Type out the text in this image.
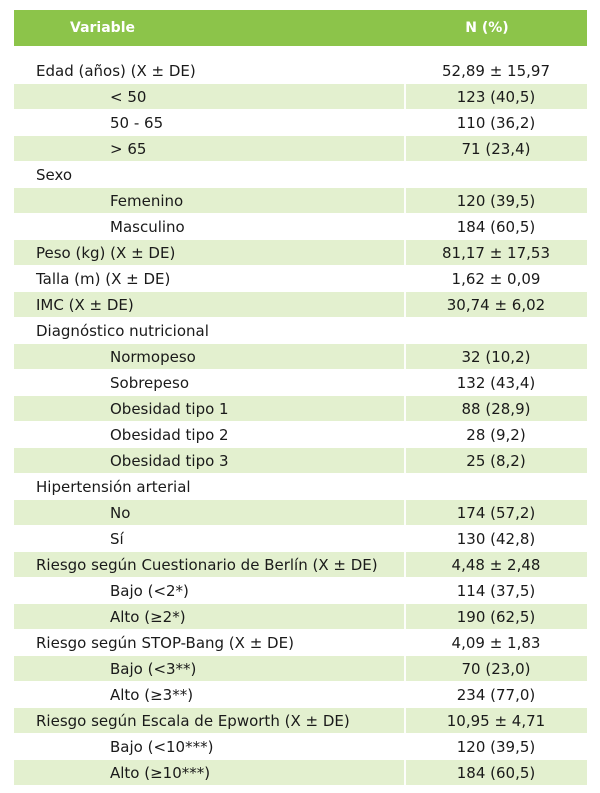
Variable	N (%)
Edad (años) (X ± DE)	52,89 ± 15,97
< 50	123 (40,5)
50 - 65	110 (36,2)
> 65	71 (23,4)
Sexo
Femenino	120 (39,5)
Masculino	184 (60,5)
Peso (kg) (X ± DE)	81,17 ± 17,53
Talla (m) (X ± DE)	1,62 ± 0,09
IMC (X ± DE)	30,74 ± 6,02
Diagnóstico nutricional
Normopeso	32 (10,2)
Sobrepeso	132 (43,4)
Obesidad tipo 1	88 (28,9)
Obesidad tipo 2	28 (9,2)
Obesidad tipo 3	25 (8,2)
Hipertensión arterial
No	174 (57,2)
Sí	130 (42,8)
Riesgo según Cuestionario de Berlín (X ± DE)	4,48 ± 2,48
Bajo (<2*)	114 (37,5)
Alto (≥2*)	190 (62,5)
Riesgo según STOP-Bang (X ± DE)	4,09 ± 1,83
Bajo (<3**)	70 (23,0)
Alto (≥3**)	234 (77,0)
Riesgo según Escala de Epworth (X ± DE)	10,95 ± 4,71
Bajo (<10***)	120 (39,5)
Alto (≥10***)	184 (60,5)
